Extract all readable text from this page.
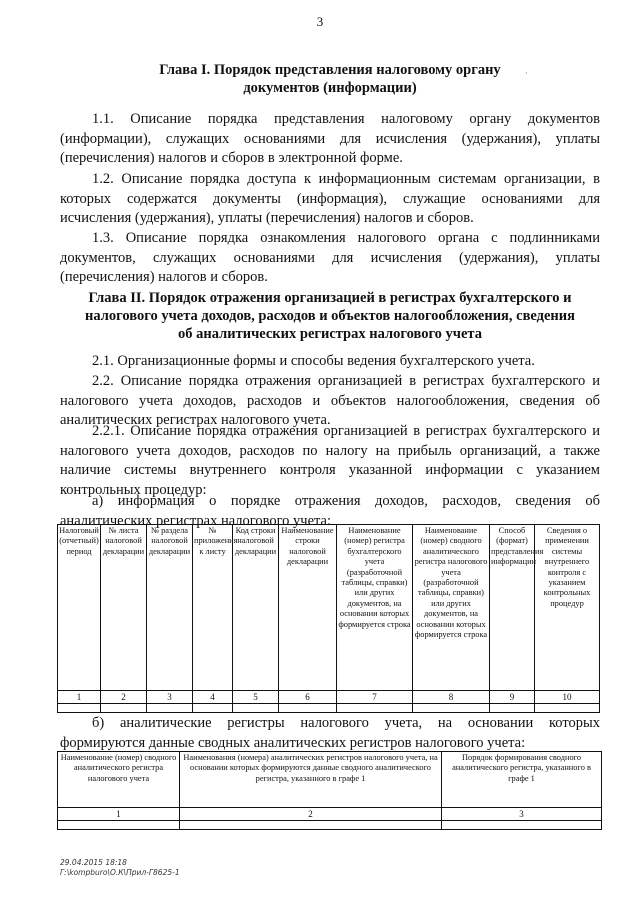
3
·
Глава I. Порядок представления налоговому органу
документов (информации)
1.1. Описание порядка представления налоговому органу документов (информации), служащих основаниями для исчисления (удержания), уплаты (перечисления) налогов и сборов в электронной форме.
1.2. Описание порядка доступа к информационным системам организации, в которых содержатся документы (информация), служащие основаниями для исчисления (удержания), уплаты (перечисления) налогов и сборов.
1.3. Описание порядка ознакомления налогового органа с подлинниками документов, служащих основаниями для исчисления (удержания), уплаты (перечисления) налогов и сборов.
Глава II. Порядок отражения организацией в регистрах бухгалтерского и
налогового учета доходов, расходов и объектов налогообложения, сведения
об аналитических регистрах налогового учета
2.1. Организационные формы и способы ведения бухгалтерского учета.
2.2. Описание порядка отражения организацией в регистрах бухгалтерского и налогового учета доходов, расходов и объектов налогообложения, сведения об аналитических регистрах налогового учета.
2.2.1. Описание порядка отражения организацией в регистрах бухгалтерского и налогового учета доходов, расходов по налогу на прибыль организаций, а также наличие системы внутреннего контроля указанной информации с указанием контрольных процедур:
а) информация о порядке отражения доходов, расходов, сведения об аналитических регистрах налогового учета:
Налоговый (отчетный) период	№ листа налоговой декларации	№ раздела налоговой декларации	№ приложения к листу	Код строки налоговой декларации	Наименование строки налоговой декларации	Наименование (номер) регистра бухгалтерского учета (разработочной таблицы, справки) или других документов, на основании которых формируется строка	Наименование (номер) сводного аналитического регистра налогового учета (разработочной таблицы, справки) или других документов, на основании которых формируется строка	Способ (формат) представления информации	Сведения о применении системы внутреннего контроля с указанием контрольных процедур
1	2	3	4	5	6	7	8	9	10

б) аналитические регистры налогового учета, на основании которых формируются данные сводных аналитических регистров налогового учета:
Наименование (номер) сводного аналитического регистра налогового учета	Наименования (номера) аналитических регистров налогового учета, на основании которых формируются данные сводного аналитического регистра, указанного в графе 1	Порядок формирования сводного аналитического регистра, указанного в графе 1
1	2	3

29.04.2015 18:18
Г:\kompburo\О.К\Прил-Г8625-1
